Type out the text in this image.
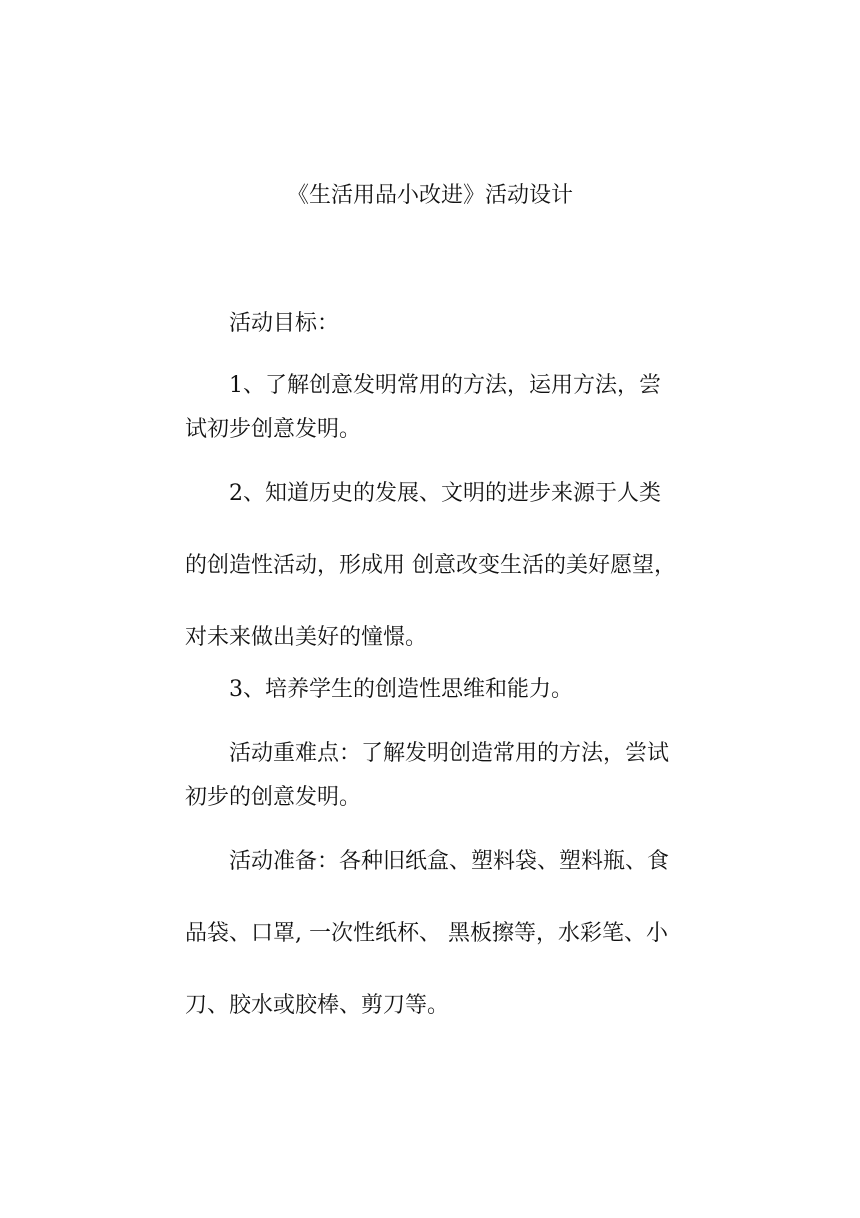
《生活用品小改进》活动设计

活动目标：

1、了解创意发明常用的方法，运用方法，尝试初步创意发明。

2、知道历史的发展、文明的进步来源于人类的创造性活动，形成用 创意改变生活的美好愿望，对未来做出美好的憧憬。

3、培养学生的创造性思维和能力。

活动重难点：了解发明创造常用的方法，尝试初步的创意发明。

活动准备：各种旧纸盒、塑料袋、塑料瓶、食品袋、口罩, 一次性纸杯、 黑板擦等，水彩笔、小刀、胶水或胶棒、剪刀等。
